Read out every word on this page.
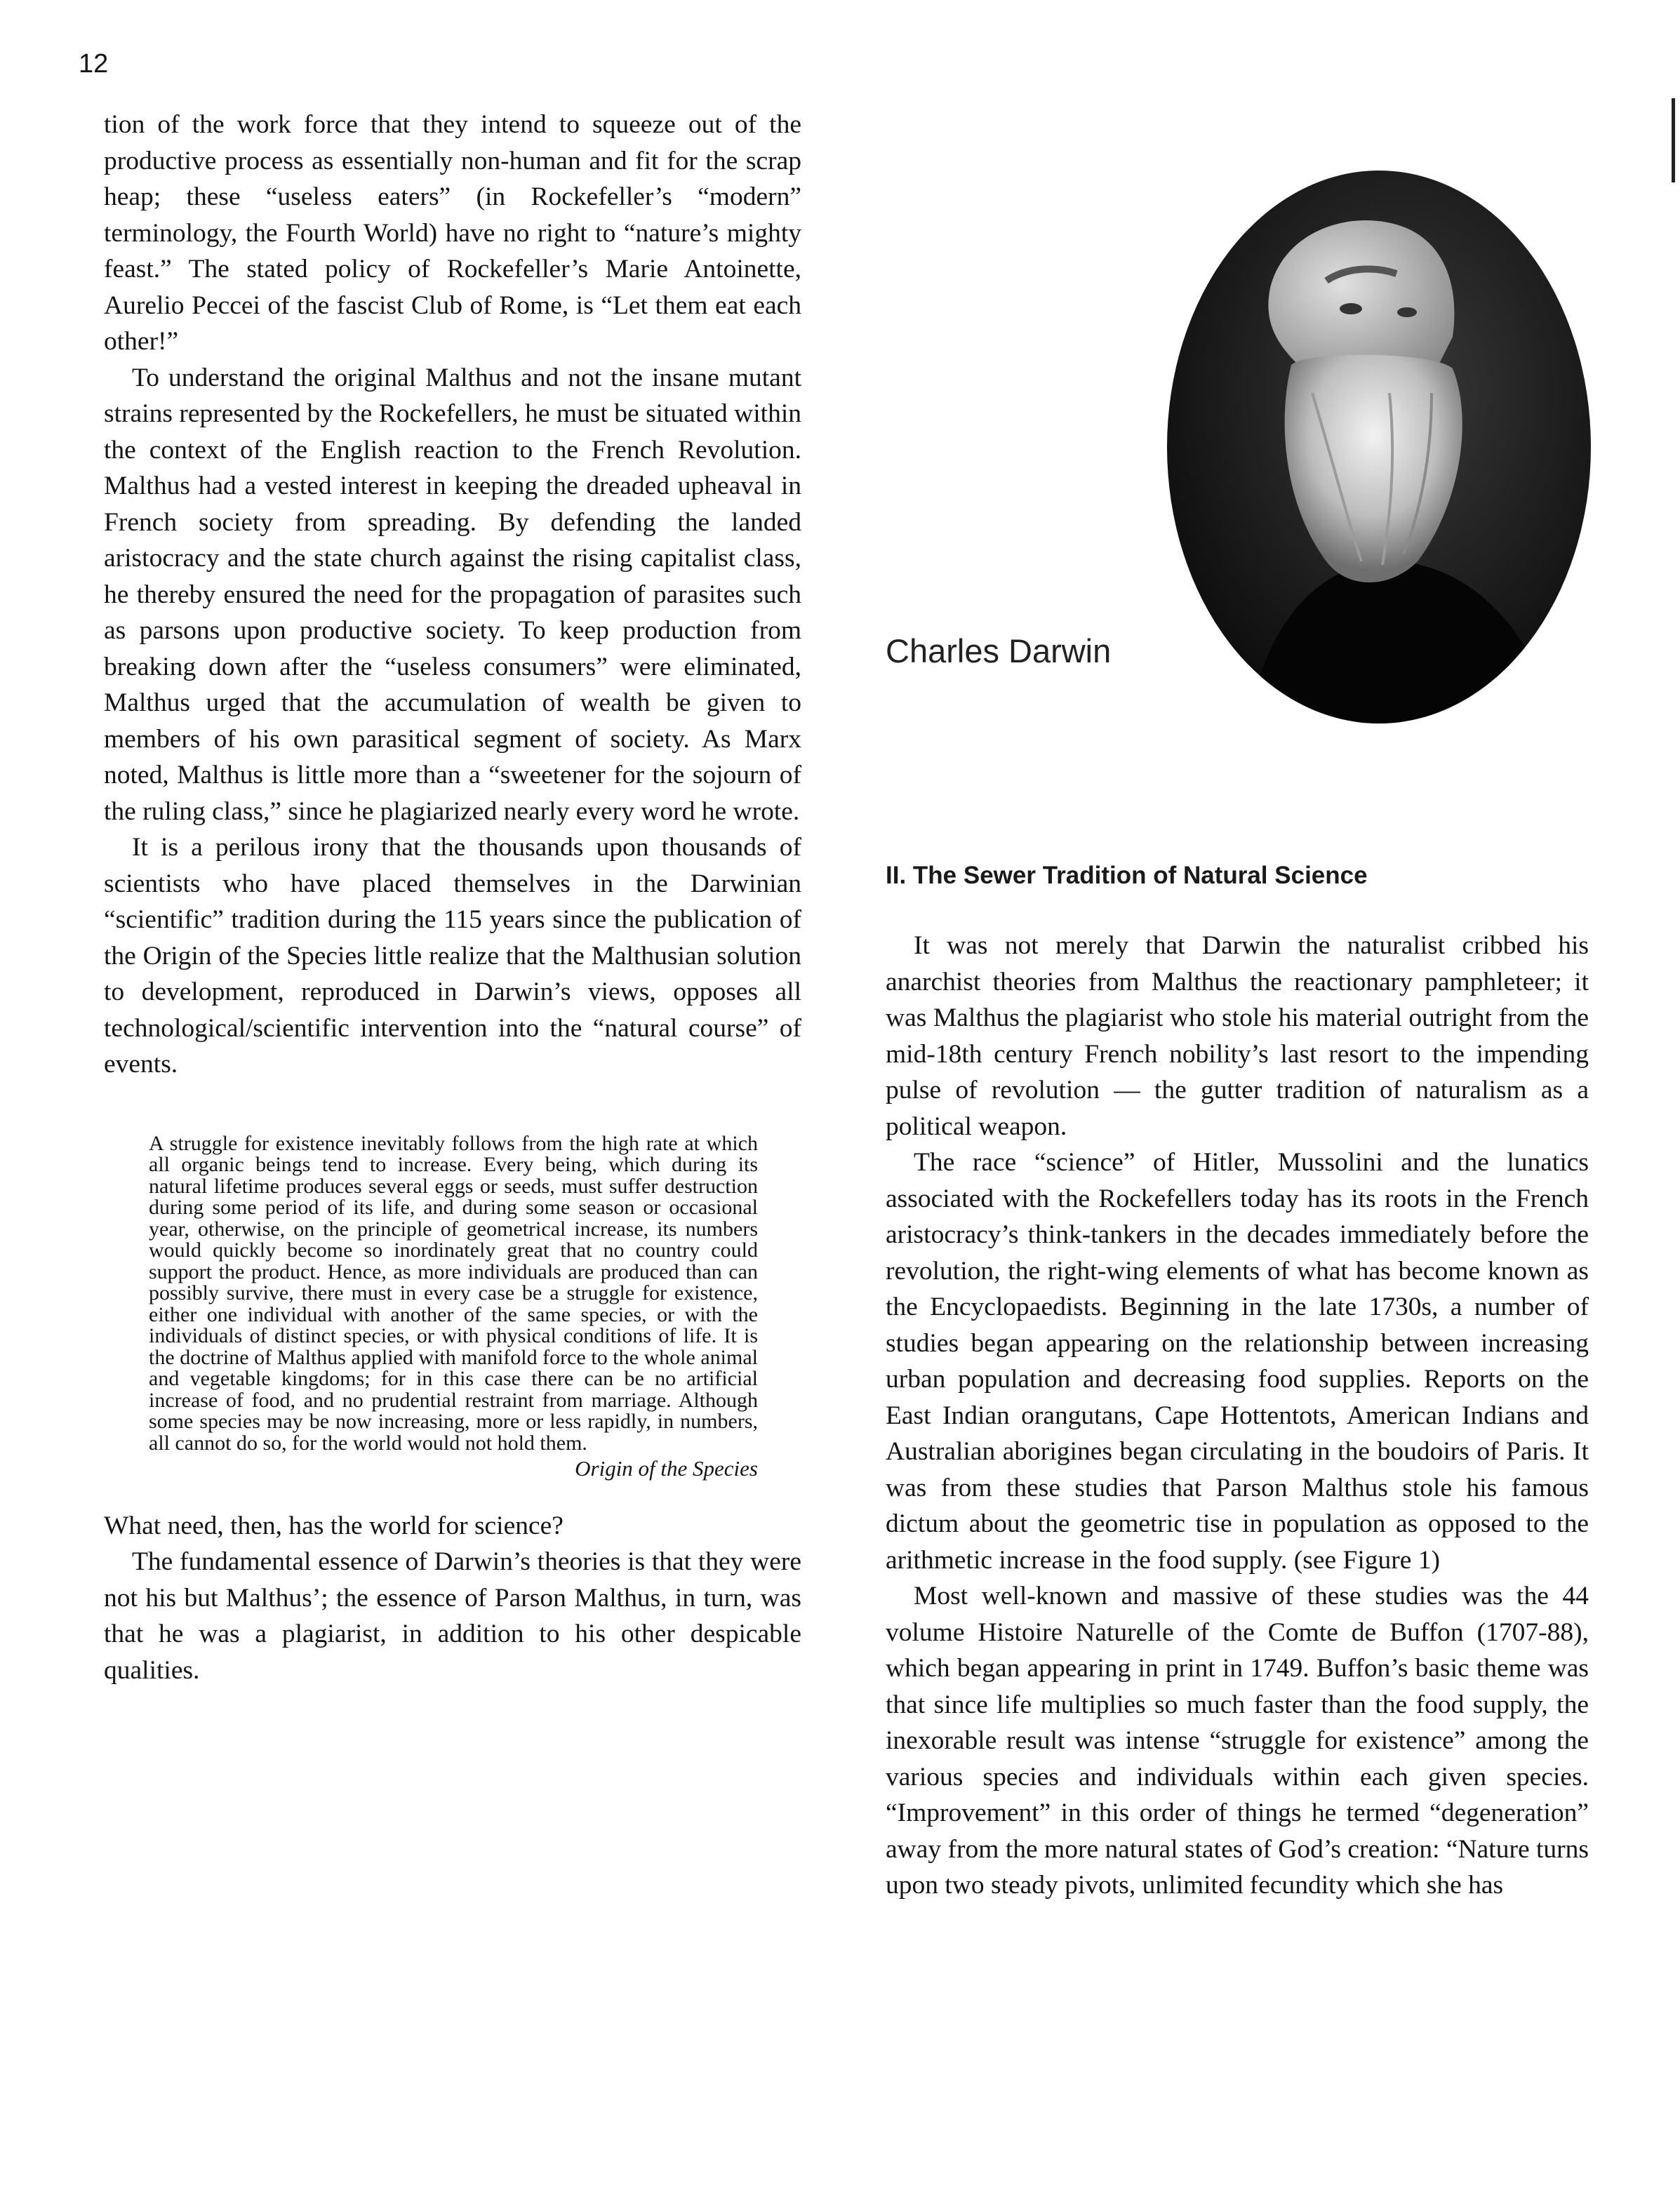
12

tion of the work force that they intend to squeeze out of the productive process as essentially non-human and fit for the scrap heap; these “useless eaters” (in Rockefeller’s “modern” terminology, the Fourth World) have no right to “nature’s mighty feast.” The stated policy of Rockefeller’s Marie Antoinette, Aurelio Peccei of the fascist Club of Rome, is “Let them eat each other!”

To understand the original Malthus and not the insane mutant strains represented by the Rockefellers, he must be situated within the context of the English reaction to the French Revolution. Malthus had a vested interest in keeping the dreaded upheaval in French society from spreading. By defending the landed aristocracy and the state church against the rising capitalist class, he thereby ensured the need for the propagation of parasites such as parsons upon productive society. To keep production from breaking down after the “useless consumers” were eliminated, Malthus urged that the accumulation of wealth be given to members of his own parasitical segment of society. As Marx noted, Malthus is little more than a “sweetener for the sojourn of the ruling class,” since he plagiarized nearly every word he wrote.

It is a perilous irony that the thousands upon thousands of scientists who have placed themselves in the Darwinian “scientific” tradition during the 115 years since the publication of the Origin of the Species little realize that the Malthusian solution to development, reproduced in Darwin’s views, opposes all technological/scientific intervention into the “natural course” of events.

A struggle for existence inevitably follows from the high rate at which all organic beings tend to increase. Every being, which during its natural lifetime produces several eggs or seeds, must suffer destruction during some period of its life, and during some season or occasional year, otherwise, on the principle of geometrical increase, its numbers would quickly become so inordinately great that no country could support the product. Hence, as more individuals are produced than can possibly survive, there must in every case be a struggle for existence, either one individual with another of the same species, or with the individuals of distinct species, or with physical conditions of life. It is the doctrine of Malthus applied with manifold force to the whole animal and vegetable kingdoms; for in this case there can be no artificial increase of food, and no prudential restraint from marriage. Although some species may be now increasing, more or less rapidly, in numbers, all cannot do so, for the world would not hold them.

Origin of the Species

What need, then, has the world for science?

The fundamental essence of Darwin’s theories is that they were not his but Malthus’; the essence of Parson Malthus, in turn, was that he was a plagiarist, in addition to his other despicable qualities.

Charles Darwin
II. The Sewer Tradition of Natural Science

It was not merely that Darwin the naturalist cribbed his anarchist theories from Malthus the reactionary pamphleteer; it was Malthus the plagiarist who stole his material outright from the mid-18th century French nobility’s last resort to the impending pulse of revolution — the gutter tradition of naturalism as a political weapon.

The race “science” of Hitler, Mussolini and the lunatics associated with the Rockefellers today has its roots in the French aristocracy’s think-tankers in the decades immediately before the revolution, the right-wing elements of what has become known as the Encyclopaedists. Beginning in the late 1730s, a number of studies began appearing on the relationship between increasing urban population and decreasing food supplies. Reports on the East Indian orangutans, Cape Hottentots, American Indians and Australian aborigines began circulating in the boudoirs of Paris. It was from these studies that Parson Malthus stole his famous dictum about the geometric tise in population as opposed to the arithmetic increase in the food supply. (see Figure 1)

Most well-known and massive of these studies was the 44 volume Histoire Naturelle of the Comte de Buffon (1707-88), which began appearing in print in 1749. Buffon’s basic theme was that since life multiplies so much faster than the food supply, the inexorable result was intense “struggle for existence” among the various species and individuals within each given species. “Improvement” in this order of things he termed “degeneration” away from the more natural states of God’s creation: “Nature turns upon two steady pivots, unlimited fecundity which she has
